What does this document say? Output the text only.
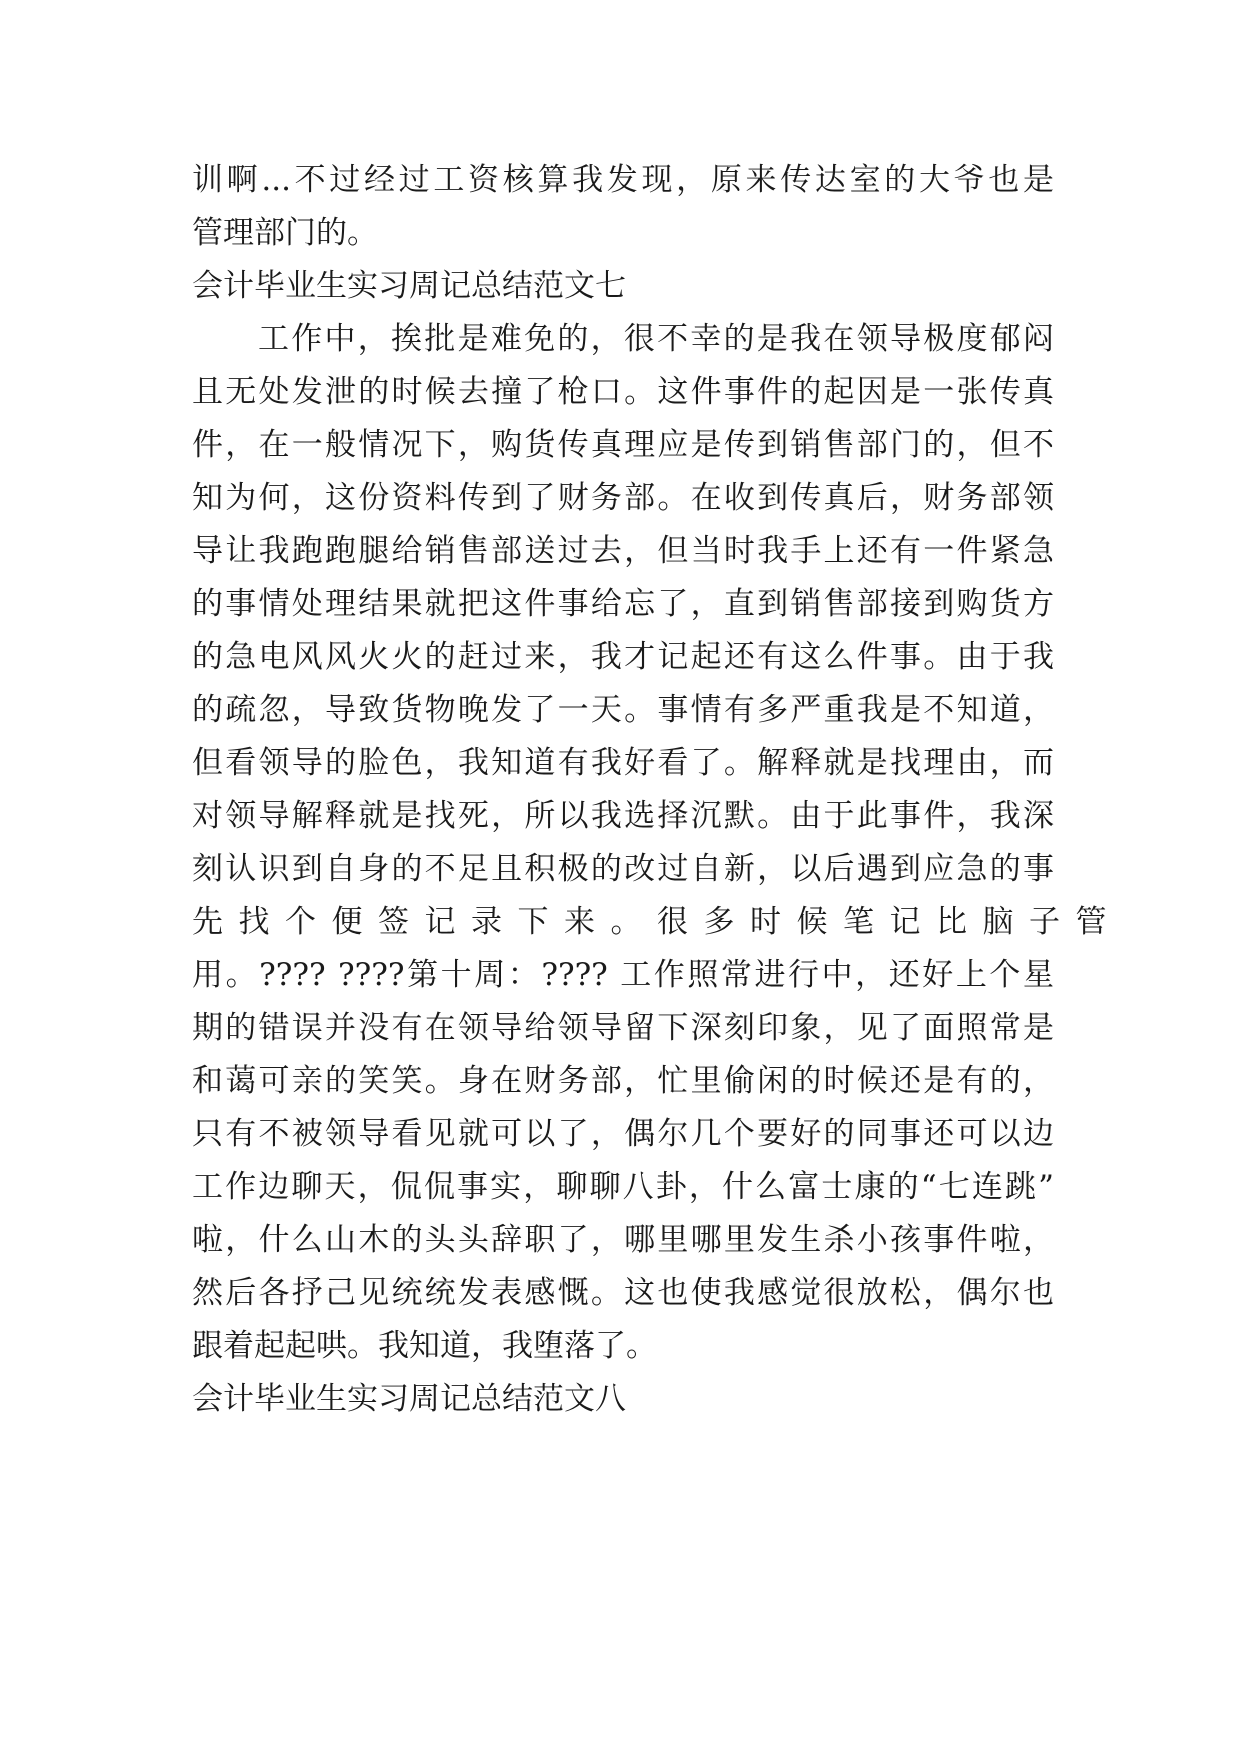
训啊...不过经过工资核算我发现，原来传达室的大爷也是
管理部门的。
会计毕业生实习周记总结范文七
工作中，挨批是难免的，很不幸的是我在领导极度郁闷
且无处发泄的时候去撞了枪口。这件事件的起因是一张传真
件，在一般情况下，购货传真理应是传到销售部门的，但不
知为何，这份资料传到了财务部。在收到传真后，财务部领
导让我跑跑腿给销售部送过去，但当时我手上还有一件紧急
的事情处理结果就把这件事给忘了，直到销售部接到购货方
的急电风风火火的赶过来，我才记起还有这么件事。由于我
的疏忽，导致货物晚发了一天。事情有多严重我是不知道，
但看领导的脸色，我知道有我好看了。解释就是找理由，而
对领导解释就是找死，所以我选择沉默。由于此事件，我深
刻认识到自身的不足且积极的改过自新，以后遇到应急的事
先找个便签记录下来。很多时候笔记比脑子管
用。???? ????第十周：???? 工作照常进行中，还好上个星
期的错误并没有在领导给领导留下深刻印象，见了面照常是
和蔼可亲的笑笑。身在财务部，忙里偷闲的时候还是有的，
只有不被领导看见就可以了，偶尔几个要好的同事还可以边
工作边聊天，侃侃事实，聊聊八卦，什么富士康的“七连跳”
啦，什么山木的头头辞职了，哪里哪里发生杀小孩事件啦，
然后各抒己见统统发表感慨。这也使我感觉很放松，偶尔也
跟着起起哄。我知道，我堕落了。
会计毕业生实习周记总结范文八
